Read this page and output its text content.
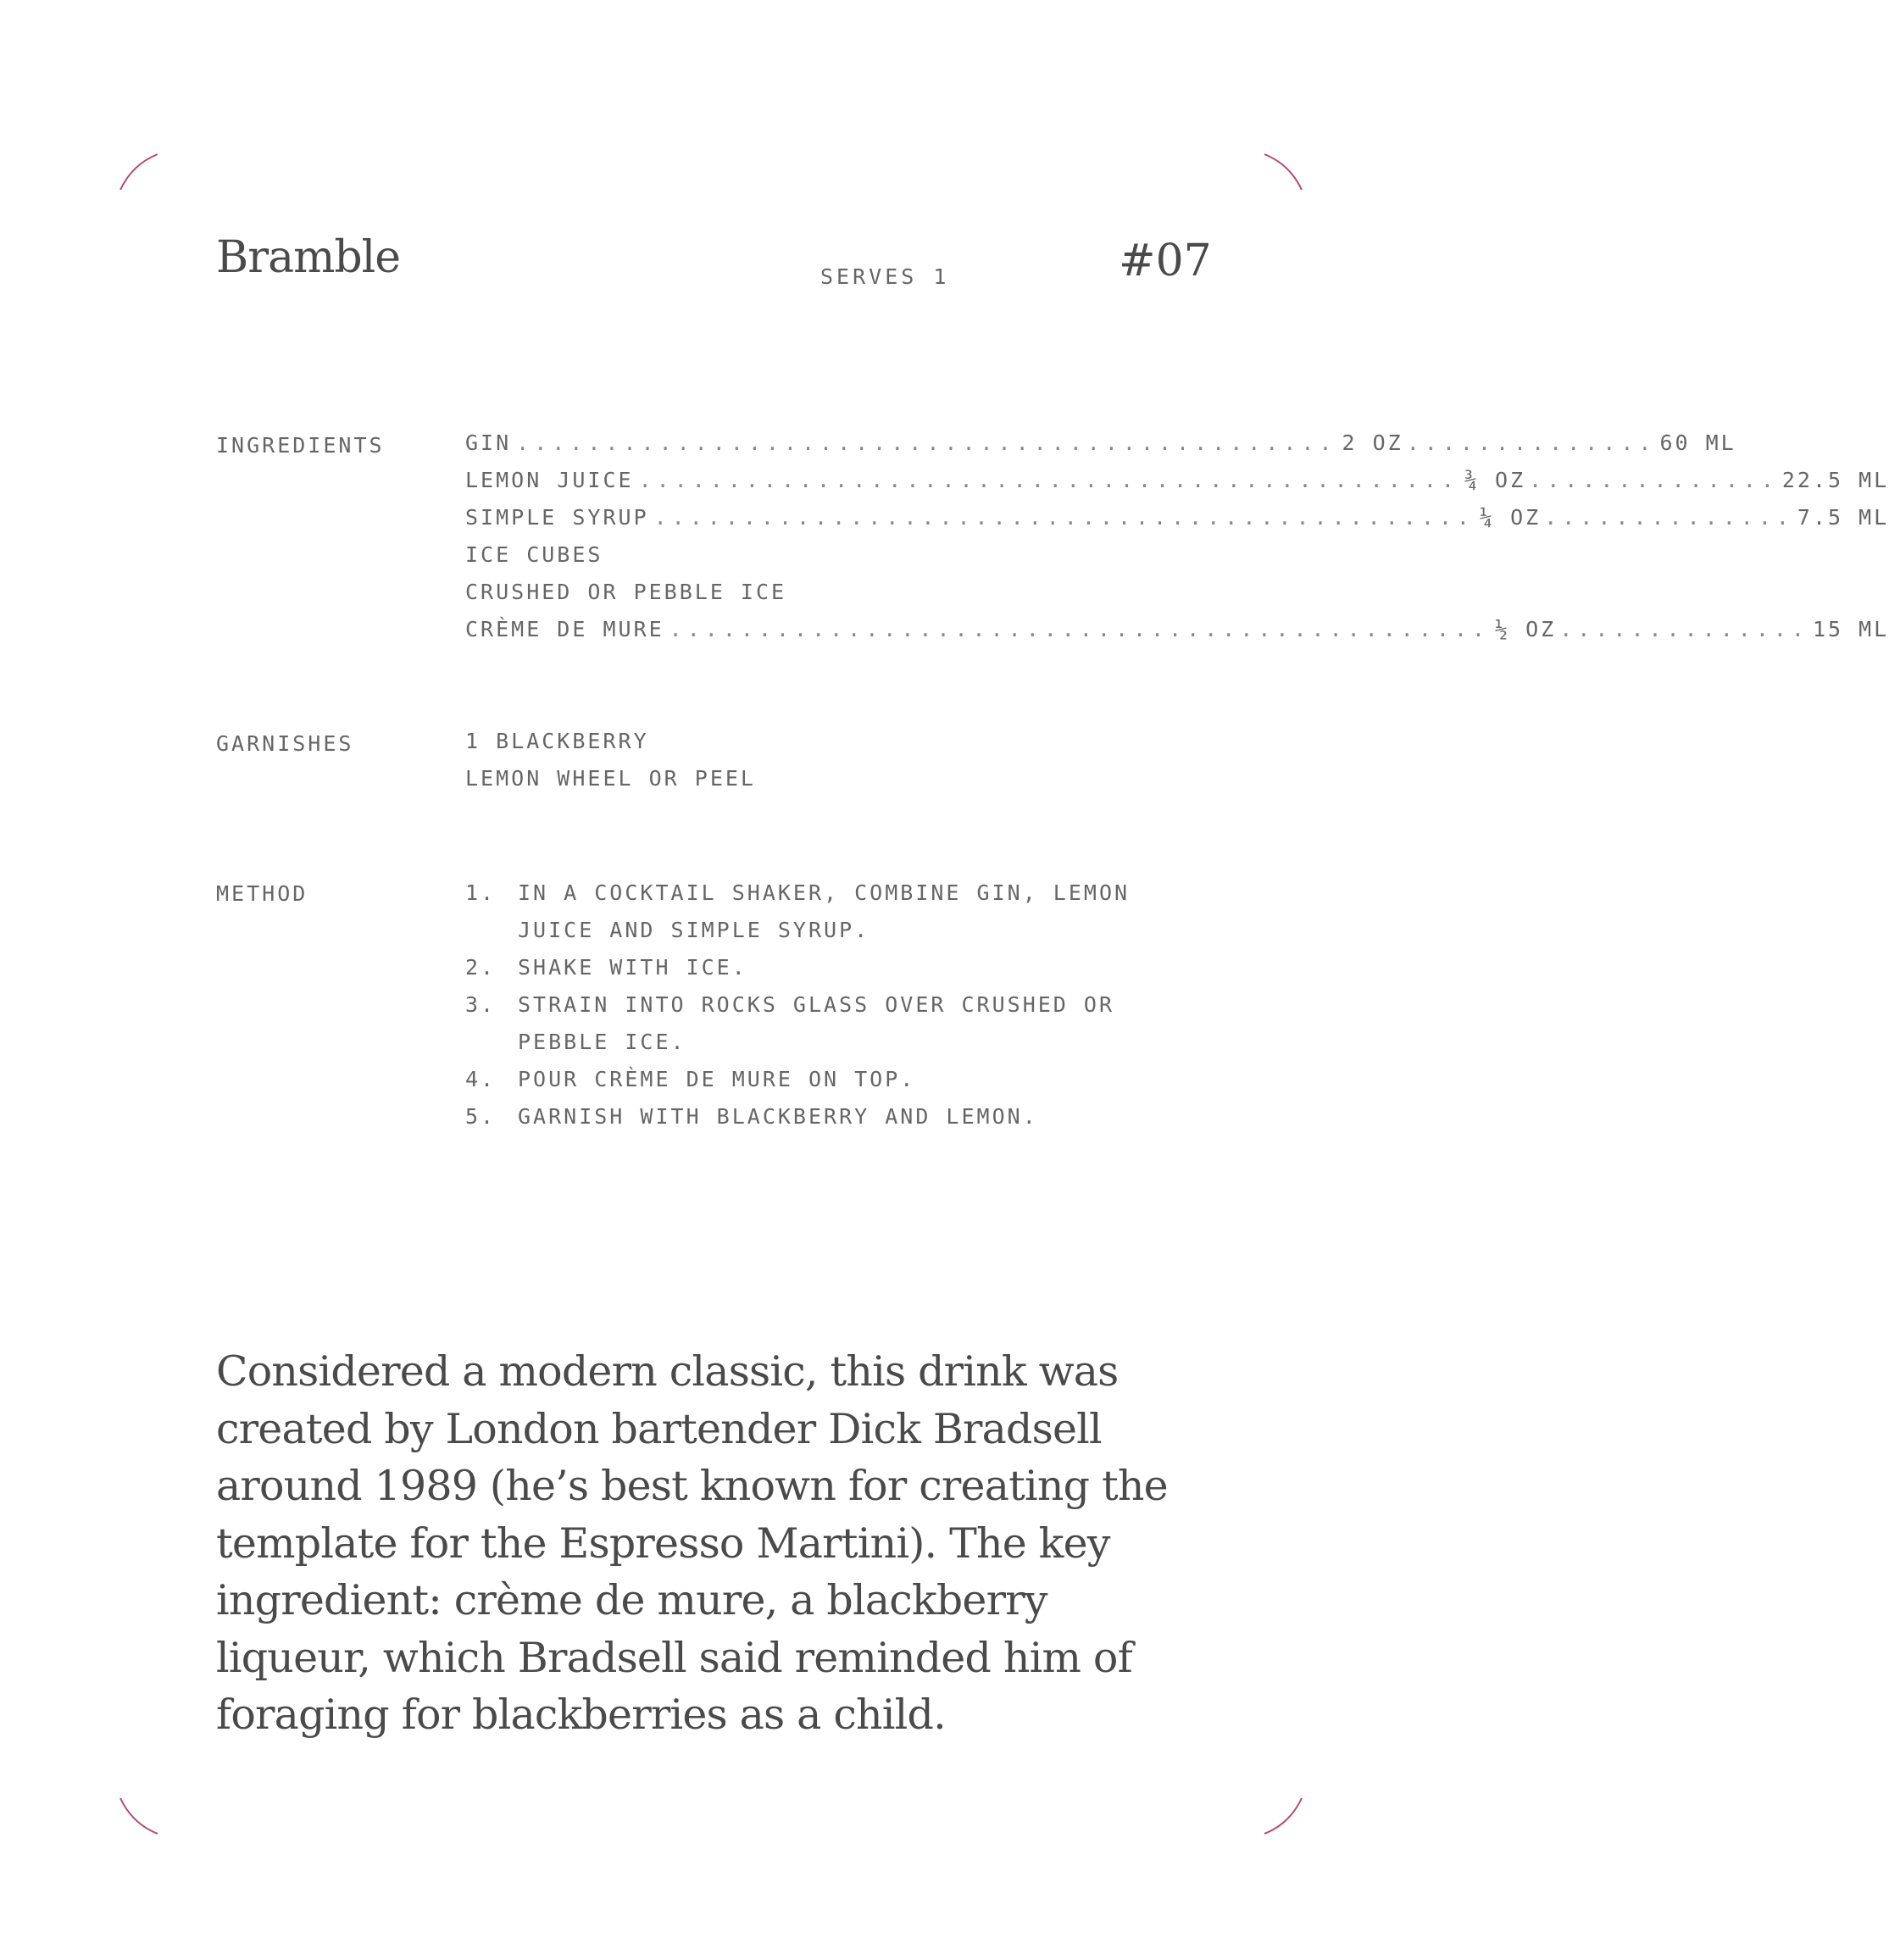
Bramble	SERVES 1	#07
INGREDIENTS	GIN .............................................. 2 OZ .............. 60 ML
LEMON JUICE .............................................. ¾ OZ .............. 22.5 ML
SIMPLE SYRUP .............................................. ¼ OZ .............. 7.5 ML
ICE CUBES
CRUSHED OR PEBBLE ICE
CRÈME DE MURE .............................................. ½ OZ .............. 15 ML
GARNISHES	1 BLACKBERRY
LEMON WHEEL OR PEEL
METHOD	1.	IN A COCKTAIL SHAKER, COMBINE GIN, LEMON JUICE AND SIMPLE SYRUP.
2.	SHAKE WITH ICE.
3.	STRAIN INTO ROCKS GLASS OVER CRUSHED OR PEBBLE ICE.
4.	POUR CRÈME DE MURE ON TOP.
5.	GARNISH WITH BLACKBERRY AND LEMON.
Considered a modern classic, this drink was created by London bartender Dick Bradsell around 1989 (he’s best known for creating the template for the Espresso Martini). The key ingredient: crème de mure, a blackberry liqueur, which Bradsell said reminded him of foraging for blackberries as a child.
